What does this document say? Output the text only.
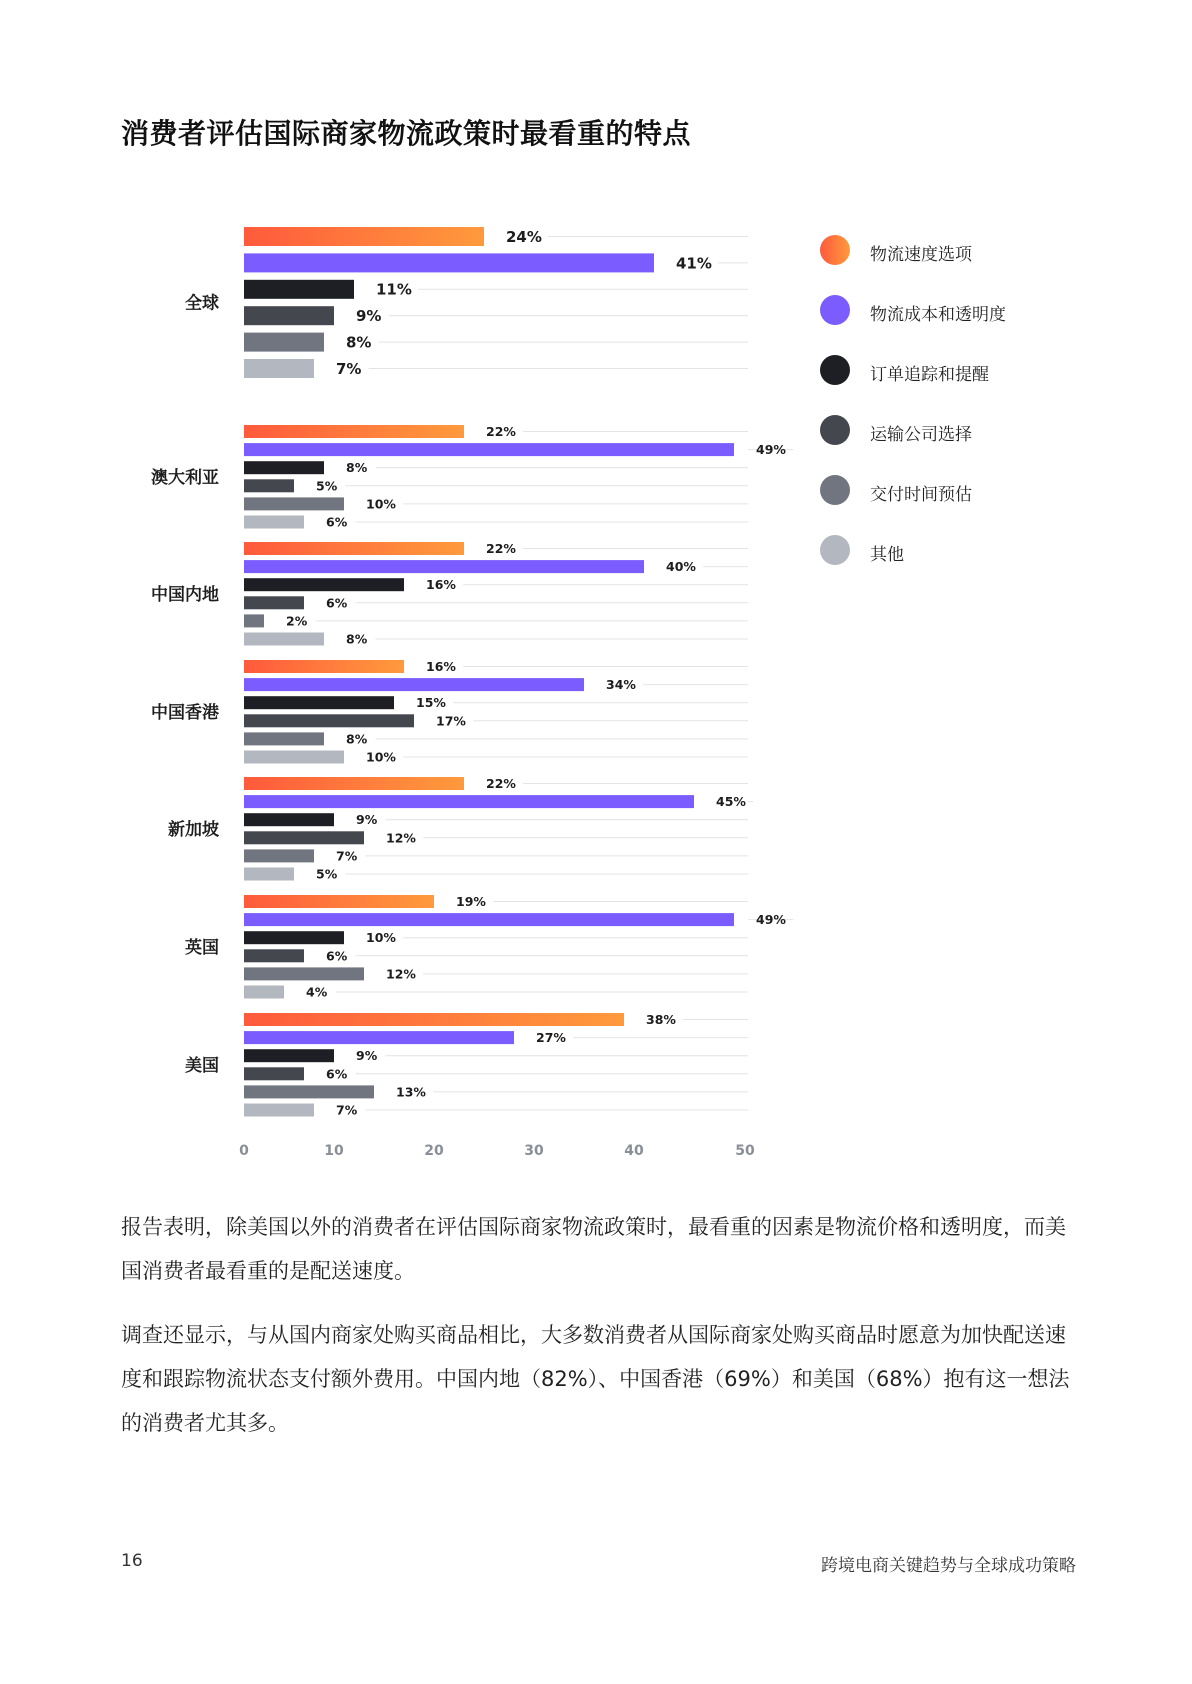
消费者评估国际商家物流政策时最看重的特点
全球
24%
41%
11%
9%
8%
7%
澳大利亚
22%
49%
8%
5%
10%
6%
中国内地
22%
40%
16%
6%
2%
8%
中国香港
16%
34%
15%
17%
8%
10%
新加坡
22%
45%
9%
12%
7%
5%
英国
19%
49%
10%
6%
12%
4%
美国
38%
27%
9%
6%
13%
7%
0	10	20	30	40	50
物流速度选项
物流成本和透明度
订单追踪和提醒
运输公司选择
交付时间预估
其他

报告表明，除美国以外的消费者在评估国际商家物流政策时，最看重的因素是物流价格和透明度，而美国消费者最看重的是配送速度。

调查还显示，与从国内商家处购买商品相比，大多数消费者从国际商家处购买商品时愿意为加快配送速度和跟踪物流状态支付额外费用。中国内地（82%）、中国香港（69%）和美国（68%）抱有这一想法的消费者尤其多。

16	跨境电商关键趋势与全球成功策略
